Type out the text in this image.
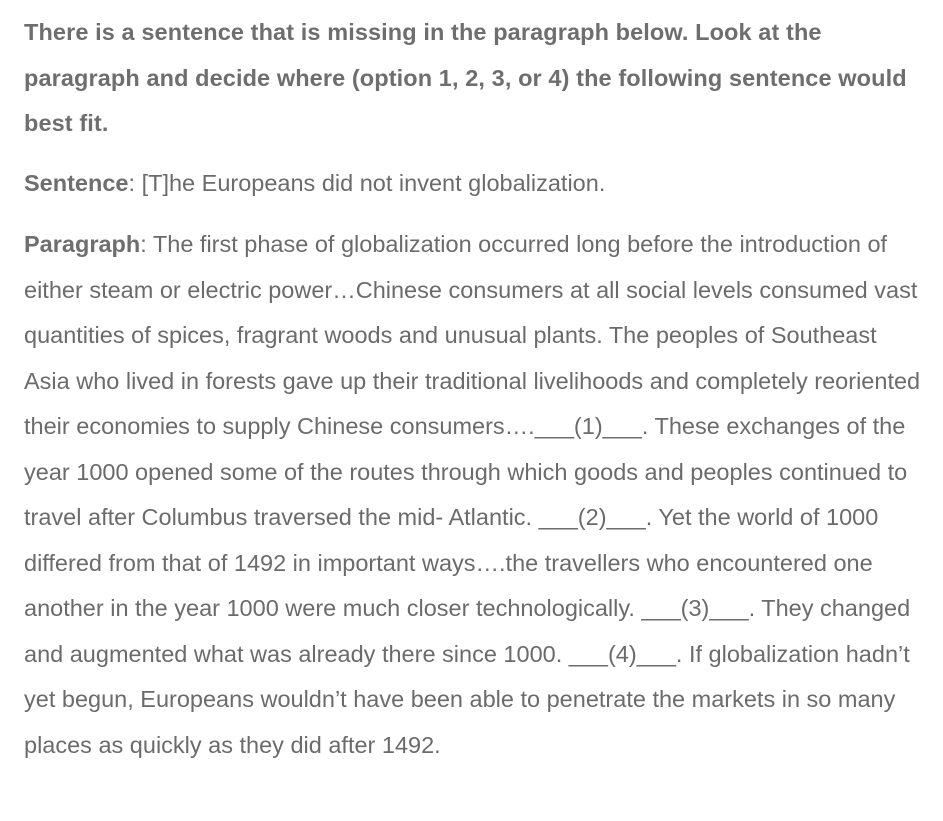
There is a sentence that is missing in the paragraph below. Look at the paragraph and decide where (option 1, 2, 3, or 4) the following sentence would best fit.

Sentence: [T]he Europeans did not invent globalization.

Paragraph: The first phase of globalization occurred long before the introduction of either steam or electric power…Chinese consumers at all social levels consumed vast quantities of spices, fragrant woods and unusual plants. The peoples of Southeast Asia who lived in forests gave up their traditional livelihoods and completely reoriented their economies to supply Chinese consumers….___(1)___. These exchanges of the year 1000 opened some of the routes through which goods and peoples continued to travel after Columbus traversed the mid- Atlantic. ___(2)___. Yet the world of 1000 differed from that of 1492 in important ways….the travellers who encountered one another in the year 1000 were much closer technologically. ___(3)___. They changed and augmented what was already there since 1000. ___(4)___. If globalization hadn’t yet begun, Europeans wouldn’t have been able to penetrate the markets in so many places as quickly as they did after 1492.
